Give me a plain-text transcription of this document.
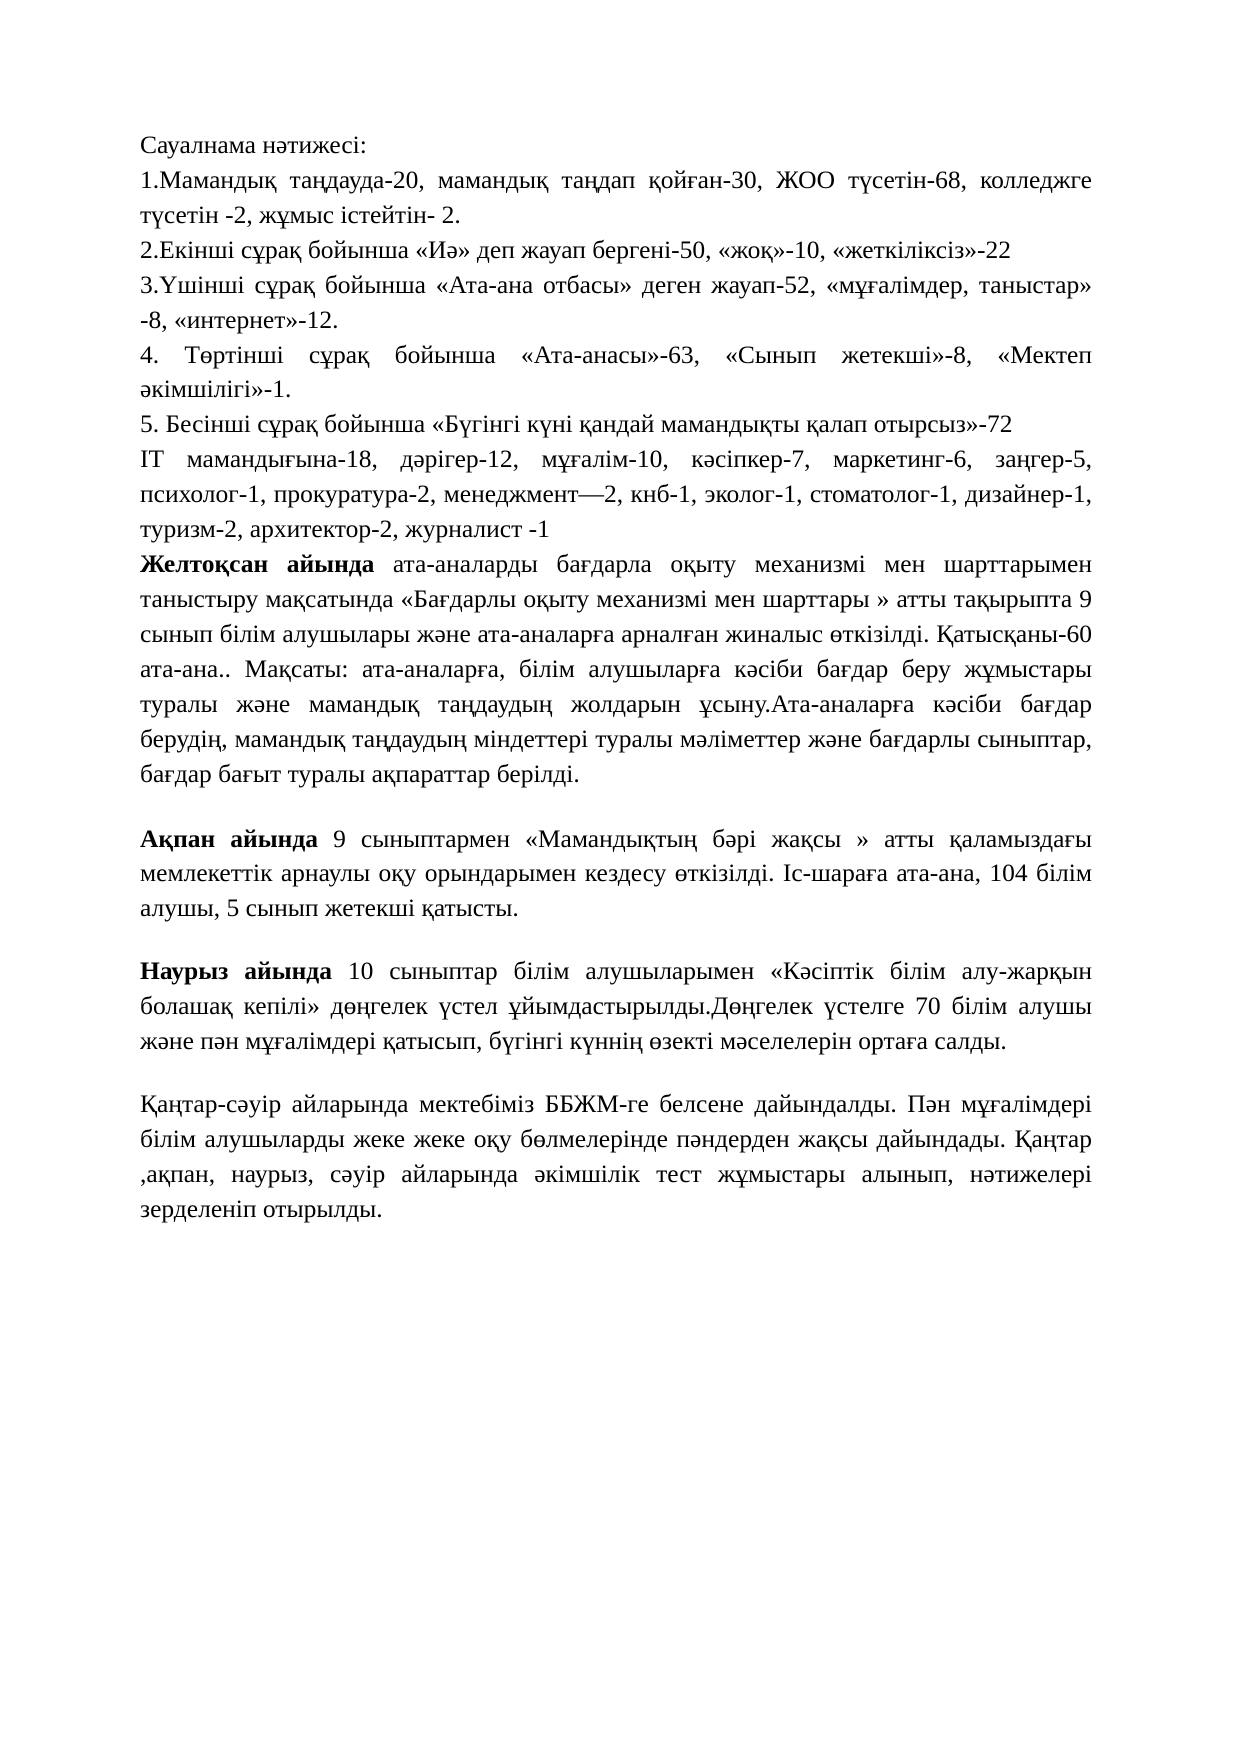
Сауалнама нәтижесі:

1.Мамандық таңдауда-20, мамандық таңдап қойған-30, ЖОО түсетін-68, колледжге түсетін -2, жұмыс істейтін- 2.

2.Екінші сұрақ бойынша «Иә» деп жауап бергені-50, «жоқ»-10, «жеткіліксіз»-22

3.Үшінші сұрақ бойынша «Ата-ана отбасы» деген жауап-52, «мұғалімдер, таныстар» -8, «интернет»-12.

4. Төртінші сұрақ бойынша «Ата-анасы»-63, «Сынып жетекші»-8, «Мектеп әкімшілігі»-1.

5. Бесінші сұрақ бойынша «Бүгінгі күні қандай мамандықты қалап отырсыз»-72

ІТ мамандығына-18, дәрігер-12, мұғалім-10, кәсіпкер-7, маркетинг-6, заңгер-5, психолог-1, прокуратура-2, менеджмент—2, кнб-1, эколог-1, стоматолог-1, дизайнер-1, туризм-2, архитектор-2, журналист -1

Желтоқсан айында ата-аналарды бағдарла оқыту механизмі мен шарттарымен таныстыру мақсатында «Бағдарлы оқыту механизмі мен шарттары » атты тақырыпта 9 сынып білім алушылары және ата-аналарға арналған жиналыс өткізілді. Қатысқаны-60 ата-ана.. Мақсаты: ата-аналарға, білім алушыларға кәсіби бағдар беру жұмыстары туралы және мамандық таңдаудың жолдарын ұсыну.Ата-аналарға кәсіби бағдар берудің, мамандық таңдаудың міндеттері туралы мәліметтер және бағдарлы сыныптар, бағдар бағыт туралы ақпараттар берілді.

Ақпан айында 9 сыныптармен «Мамандықтың бәрі жақсы » атты қаламыздағы мемлекеттік арнаулы оқу орындарымен кездесу өткізілді. Іс-шараға ата-ана, 104 білім алушы, 5 сынып жетекші қатысты.

Наурыз айында 10 сыныптар білім алушыларымен «Кәсіптік білім алу-жарқын болашақ кепілі» дөңгелек үстел ұйымдастырылды.Дөңгелек үстелге 70 білім алушы және пән мұғалімдері қатысып, бүгінгі күннің өзекті мәселелерін ортаға салды.

Қаңтар-сәуір айларында мектебіміз ББЖМ-ге белсене дайындалды. Пән мұғалімдері білім алушыларды жеке жеке оқу бөлмелерінде пәндерден жақсы дайындады. Қаңтар ,ақпан, наурыз, сәуір айларында әкімшілік тест жұмыстары алынып, нәтижелері зерделеніп отырылды.
